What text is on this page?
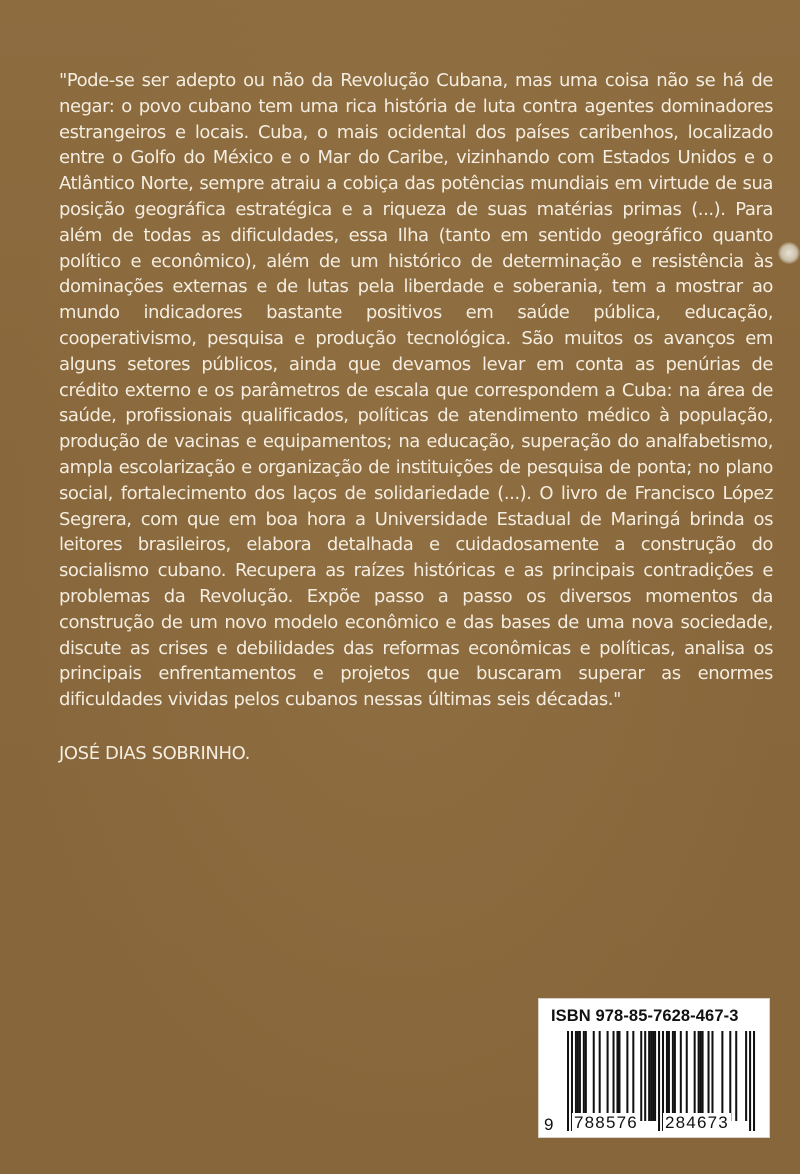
"Pode-se ser adepto ou não da Revolução Cubana, mas uma coisa não se há de negar: o povo cubano tem uma rica história de luta contra agentes dominadores estrangeiros e locais. Cuba, o mais ocidental dos países caribenhos, localizado entre o Golfo do México e o Mar do Caribe, vizinhando com Estados Unidos e o Atlântico Norte, sempre atraiu a cobiça das potências mundiais em virtude de sua posição geográfica estratégica e a riqueza de suas matérias primas (...). Para além de todas as dificuldades, essa Ilha (tanto em sentido geográfico quanto político e econômico), além de um histórico de determinação e resistência às dominações externas e de lutas pela liberdade e soberania, tem a mostrar ao mundo indicadores bastante positivos em saúde pública, educação, cooperativismo, pesquisa e produção tecnológica. São muitos os avanços em alguns setores públicos, ainda que devamos levar em conta as penúrias de crédito externo e os parâmetros de escala que correspondem a Cuba: na área de saúde, profissionais qualificados, políticas de atendimento médico à população, produção de vacinas e equipamentos; na educação, superação do analfabetismo, ampla escolarização e organização de instituições de pesquisa de ponta; no plano social, fortalecimento dos laços de solidariedade (...). O livro de Francisco López Segrera, com que em boa hora a Universidade Estadual de Maringá brinda os leitores brasileiros, elabora detalhada e cuidadosamente a construção do socialismo cubano. Recupera as raízes históricas e as principais contradições e problemas da Revolução. Expõe passo a passo os diversos momentos da construção de um novo modelo econômico e das bases de uma nova sociedade, discute as crises e debilidades das reformas econômicas e políticas, analisa os principais enfrentamentos e projetos que buscaram superar as enormes dificuldades vividas pelos cubanos nessas últimas seis décadas."

JOSÉ DIAS SOBRINHO.

ISBN 978-85-7628-467-3
9 788576 284673
